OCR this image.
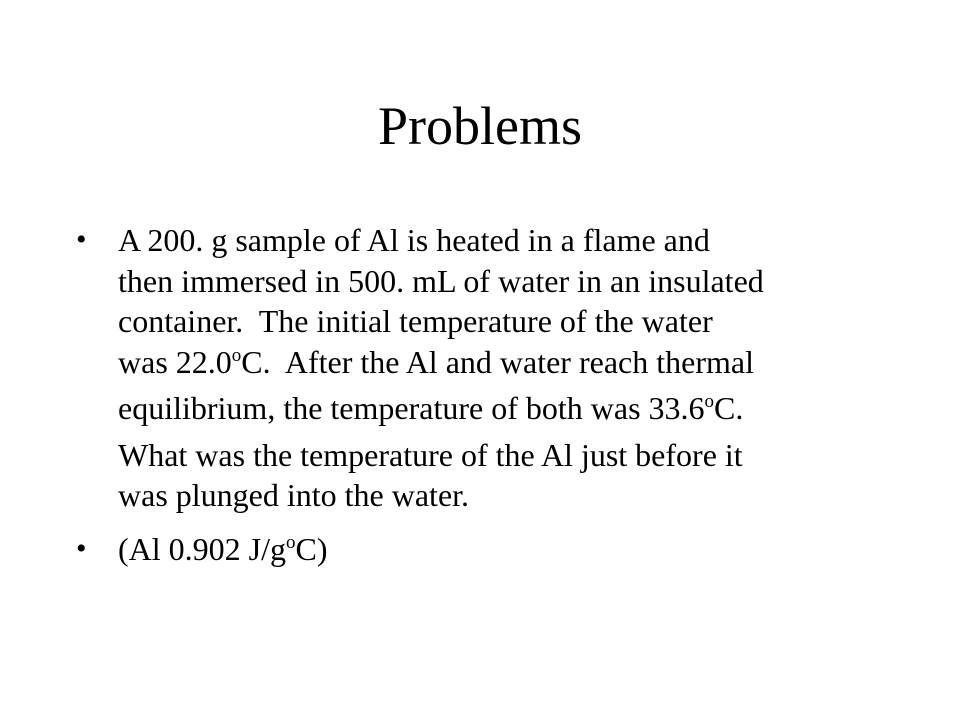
Problems
• A 200. g sample of Al is heated in a flame and
then immersed in 500. mL of water in an insulated
container.  The initial temperature of the water
was 22.0$^o$C.  After the Al and water reach thermal
equilibrium, the temperature of both was 33.6$^o$C.
What was the temperature of the Al just before it
was plunged into the water.
• (Al 0.902 $J/g^oC$)
